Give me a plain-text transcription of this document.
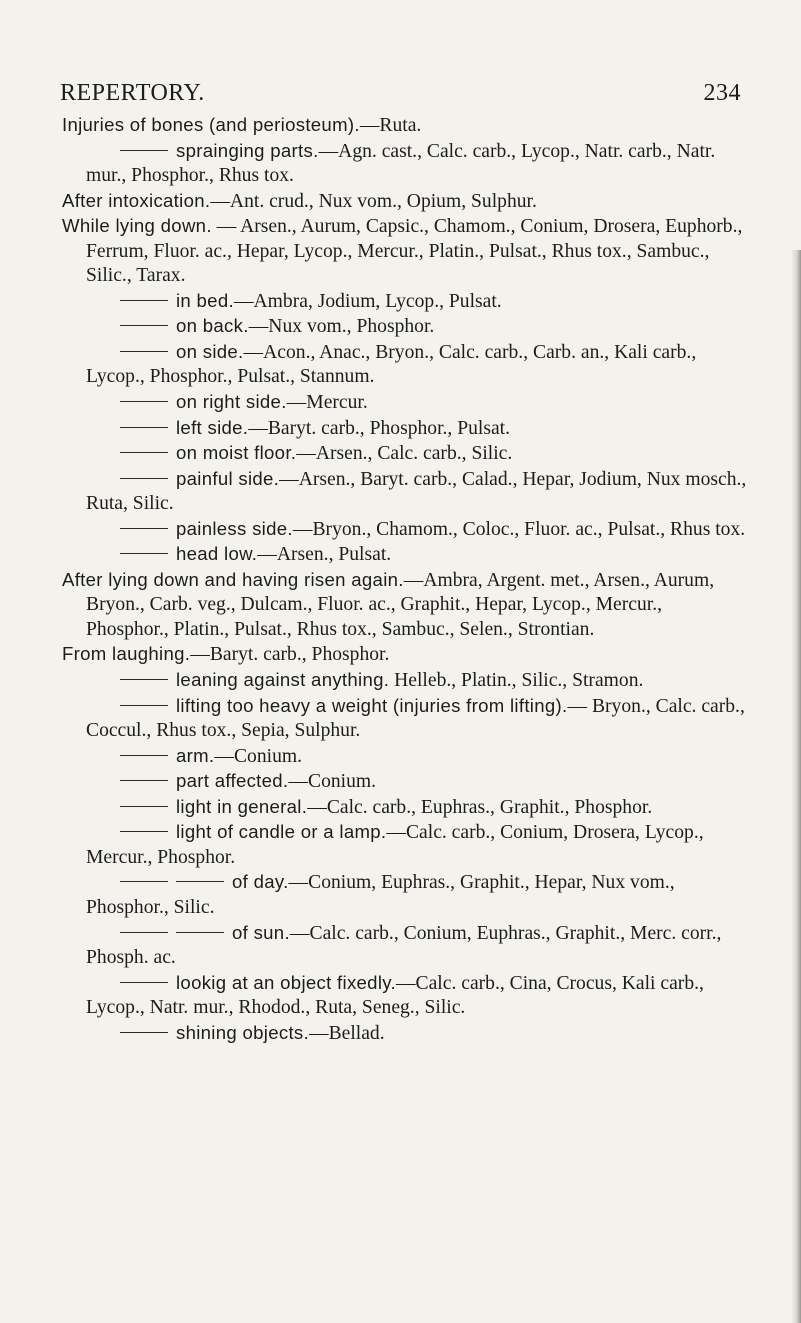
REPERTORY.	234

Injuries of bones (and periosteum).—Ruta.

sprainging parts.—Agn. cast., Calc. carb., Lycop., Natr. carb., Natr. mur., Phosphor., Rhus tox.

After intoxication.—Ant. crud., Nux vom., Opium, Sulphur.

While lying down. — Arsen., Aurum, Capsic., Chamom., Conium, Drosera, Euphorb., Ferrum, Fluor. ac., Hepar, Lycop., Mercur., Platin., Pulsat., Rhus tox., Sambuc., Silic., Tarax.

in bed.—Ambra, Jodium, Lycop., Pulsat.

on back.—Nux vom., Phosphor.

on side.—Acon., Anac., Bryon., Calc. carb., Carb. an., Kali carb., Lycop., Phosphor., Pulsat., Stannum.

on right side.—Mercur.

left side.—Baryt. carb., Phosphor., Pulsat.

on moist floor.—Arsen., Calc. carb., Silic.

painful side.—Arsen., Baryt. carb., Calad., Hepar, Jodium, Nux mosch., Ruta, Silic.

painless side.—Bryon., Chamom., Coloc., Fluor. ac., Pulsat., Rhus tox.

head low.—Arsen., Pulsat.

After lying down and having risen again.—Ambra, Argent. met., Arsen., Aurum, Bryon., Carb. veg., Dulcam., Fluor. ac., Graphit., Hepar, Lycop., Mercur., Phosphor., Platin., Pulsat., Rhus tox., Sambuc., Selen., Strontian.

From laughing.—Baryt. carb., Phosphor.

leaning against anything. Helleb., Platin., Silic., Stramon.

lifting too heavy a weight (injuries from lifting).— Bryon., Calc. carb., Coccul., Rhus tox., Sepia, Sulphur.

arm.—Conium.

part affected.—Conium.

light in general.—Calc. carb., Euphras., Graphit., Phosphor.

light of candle or a lamp.—Calc. carb., Conium, Drosera, Lycop., Mercur., Phosphor.

of day.—Conium, Euphras., Graphit., Hepar, Nux vom., Phosphor., Silic.

of sun.—Calc. carb., Conium, Euphras., Graphit., Merc. corr., Phosph. ac.

lookig at an object fixedly.—Calc. carb., Cina, Crocus, Kali carb., Lycop., Natr. mur., Rhodod., Ruta, Seneg., Silic.

shining objects.—Bellad.
